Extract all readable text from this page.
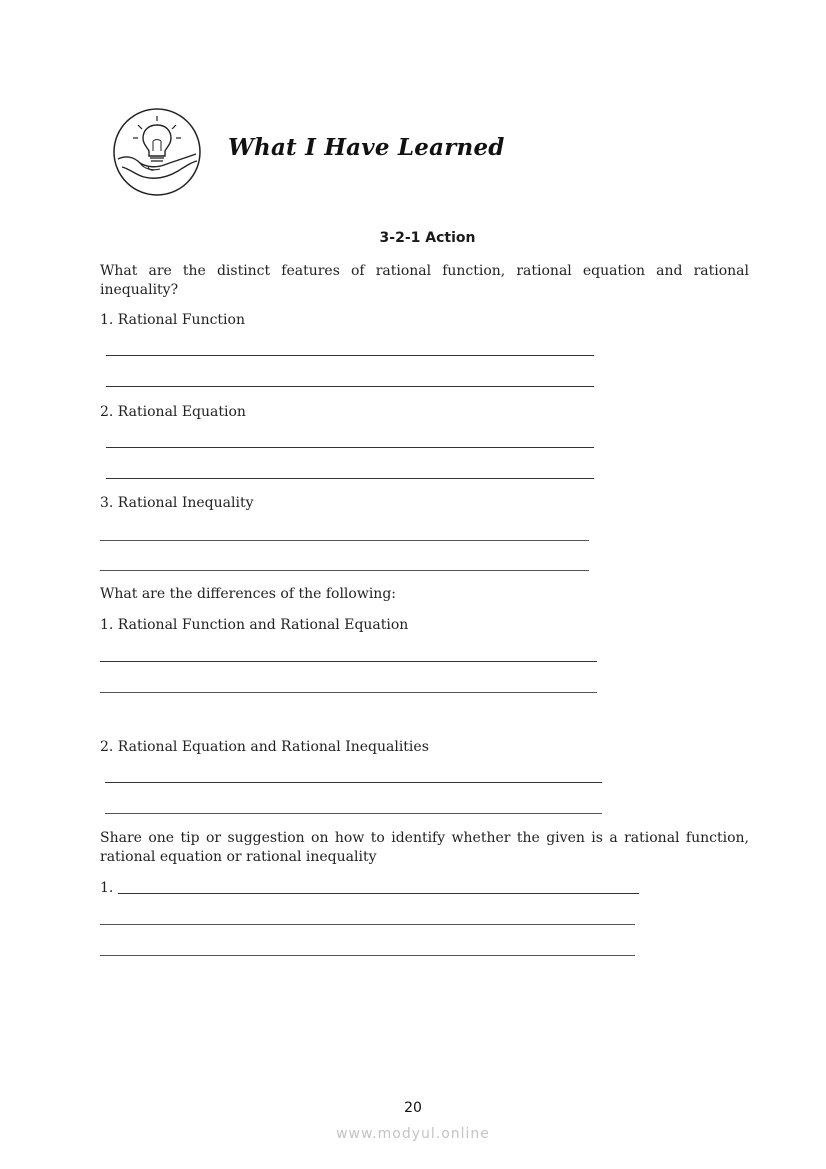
What I Have Learned
3-2-1 Action
What are the distinct features of rational function, rational equation and rational inequality?
1. Rational Function
2. Rational Equation
3. Rational Inequality
What are the differences of the following:
1. Rational Function and Rational Equation
2. Rational Equation and Rational Inequalities
Share one tip or suggestion on how to identify whether the given is a rational function, rational equation or rational inequality
1.
20
www.modyul.online
